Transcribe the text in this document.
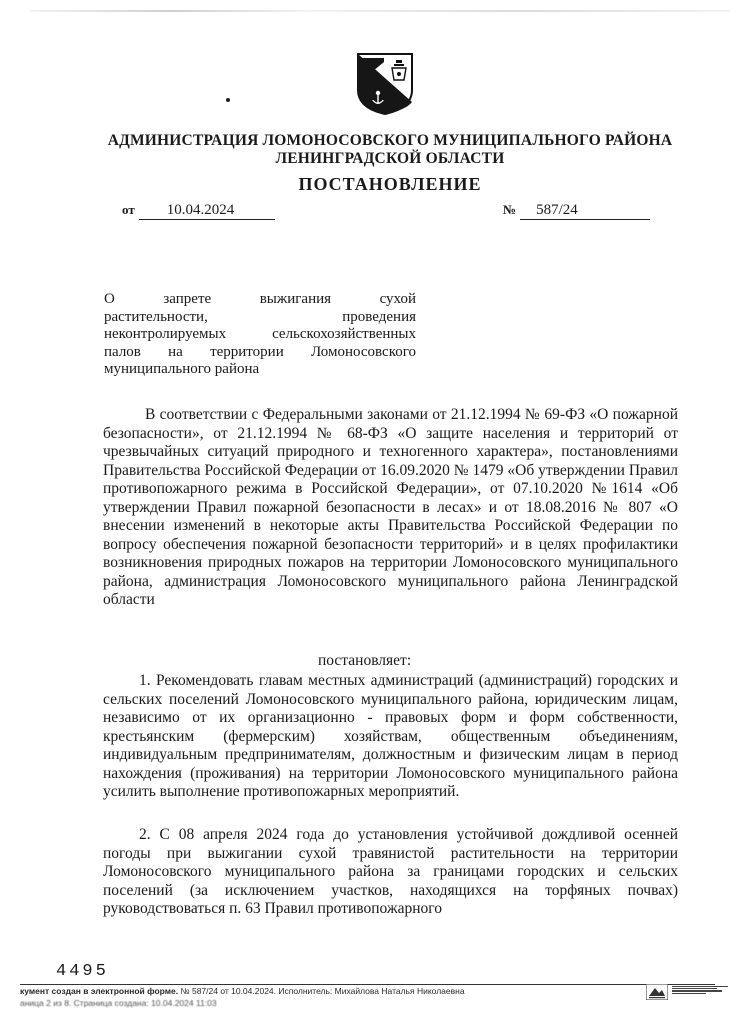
АДМИНИСТРАЦИЯ ЛОМОНОСОВСКОГО МУНИЦИПАЛЬНОГО РАЙОНА
ЛЕНИНГРАДСКОЙ ОБЛАСТИ
ПОСТАНОВЛЕНИЕ
от 10.04.2024	№ 587/24
О запрете выжигания сухой
растительности, проведения
неконтролируемых сельскохозяйственных
палов на территории Ломоносовского
муниципального района
В соответствии с Федеральными законами от 21.12.1994 № 69-ФЗ «О пожарной безопасности», от 21.12.1994 № 68-ФЗ «О защите населения и территорий от чрезвычайных ситуаций природного и техногенного характера», постановлениями Правительства Российской Федерации от 16.09.2020 № 1479 «Об утверждении Правил противопожарного режима в Российской Федерации», от 07.10.2020 №1614 «Об утверждении Правил пожарной безопасности в лесах» и от 18.08.2016 № 807 «О внесении изменений в некоторые акты Правительства Российской Федерации по вопросу обеспечения пожарной безопасности территорий» и в целях профилактики возникновения природных пожаров на территории Ломоносовского муниципального района, администрация Ломоносовского муниципального района Ленинградской области
постановляет:
1. Рекомендовать главам местных администраций (администраций) городских и сельских поселений Ломоносовского муниципального района, юридическим лицам, независимо от их организационно - правовых форм и форм собственности, крестьянским (фермерским) хозяйствам, общественным объединениям, индивидуальным предпринимателям, должностным и физическим лицам в период нахождения (проживания) на территории Ломоносовского муниципального района усилить выполнение противопожарных мероприятий.
2. С 08 апреля 2024 года до установления устойчивой дождливой осенней погоды при выжигании сухой травянистой растительности на территории Ломоносовского муниципального района за границами городских и сельских поселений (за исключением участков, находящихся на торфяных почвах) руководствоваться п. 63 Правил противопожарного
4495
кумент создан в электронной форме. № 587/24 от 10.04.2024. Исполнитель: Михайлова Наталья Николаевна
аница 2 из 8. Страница создана: 10.04.2024 11:03
